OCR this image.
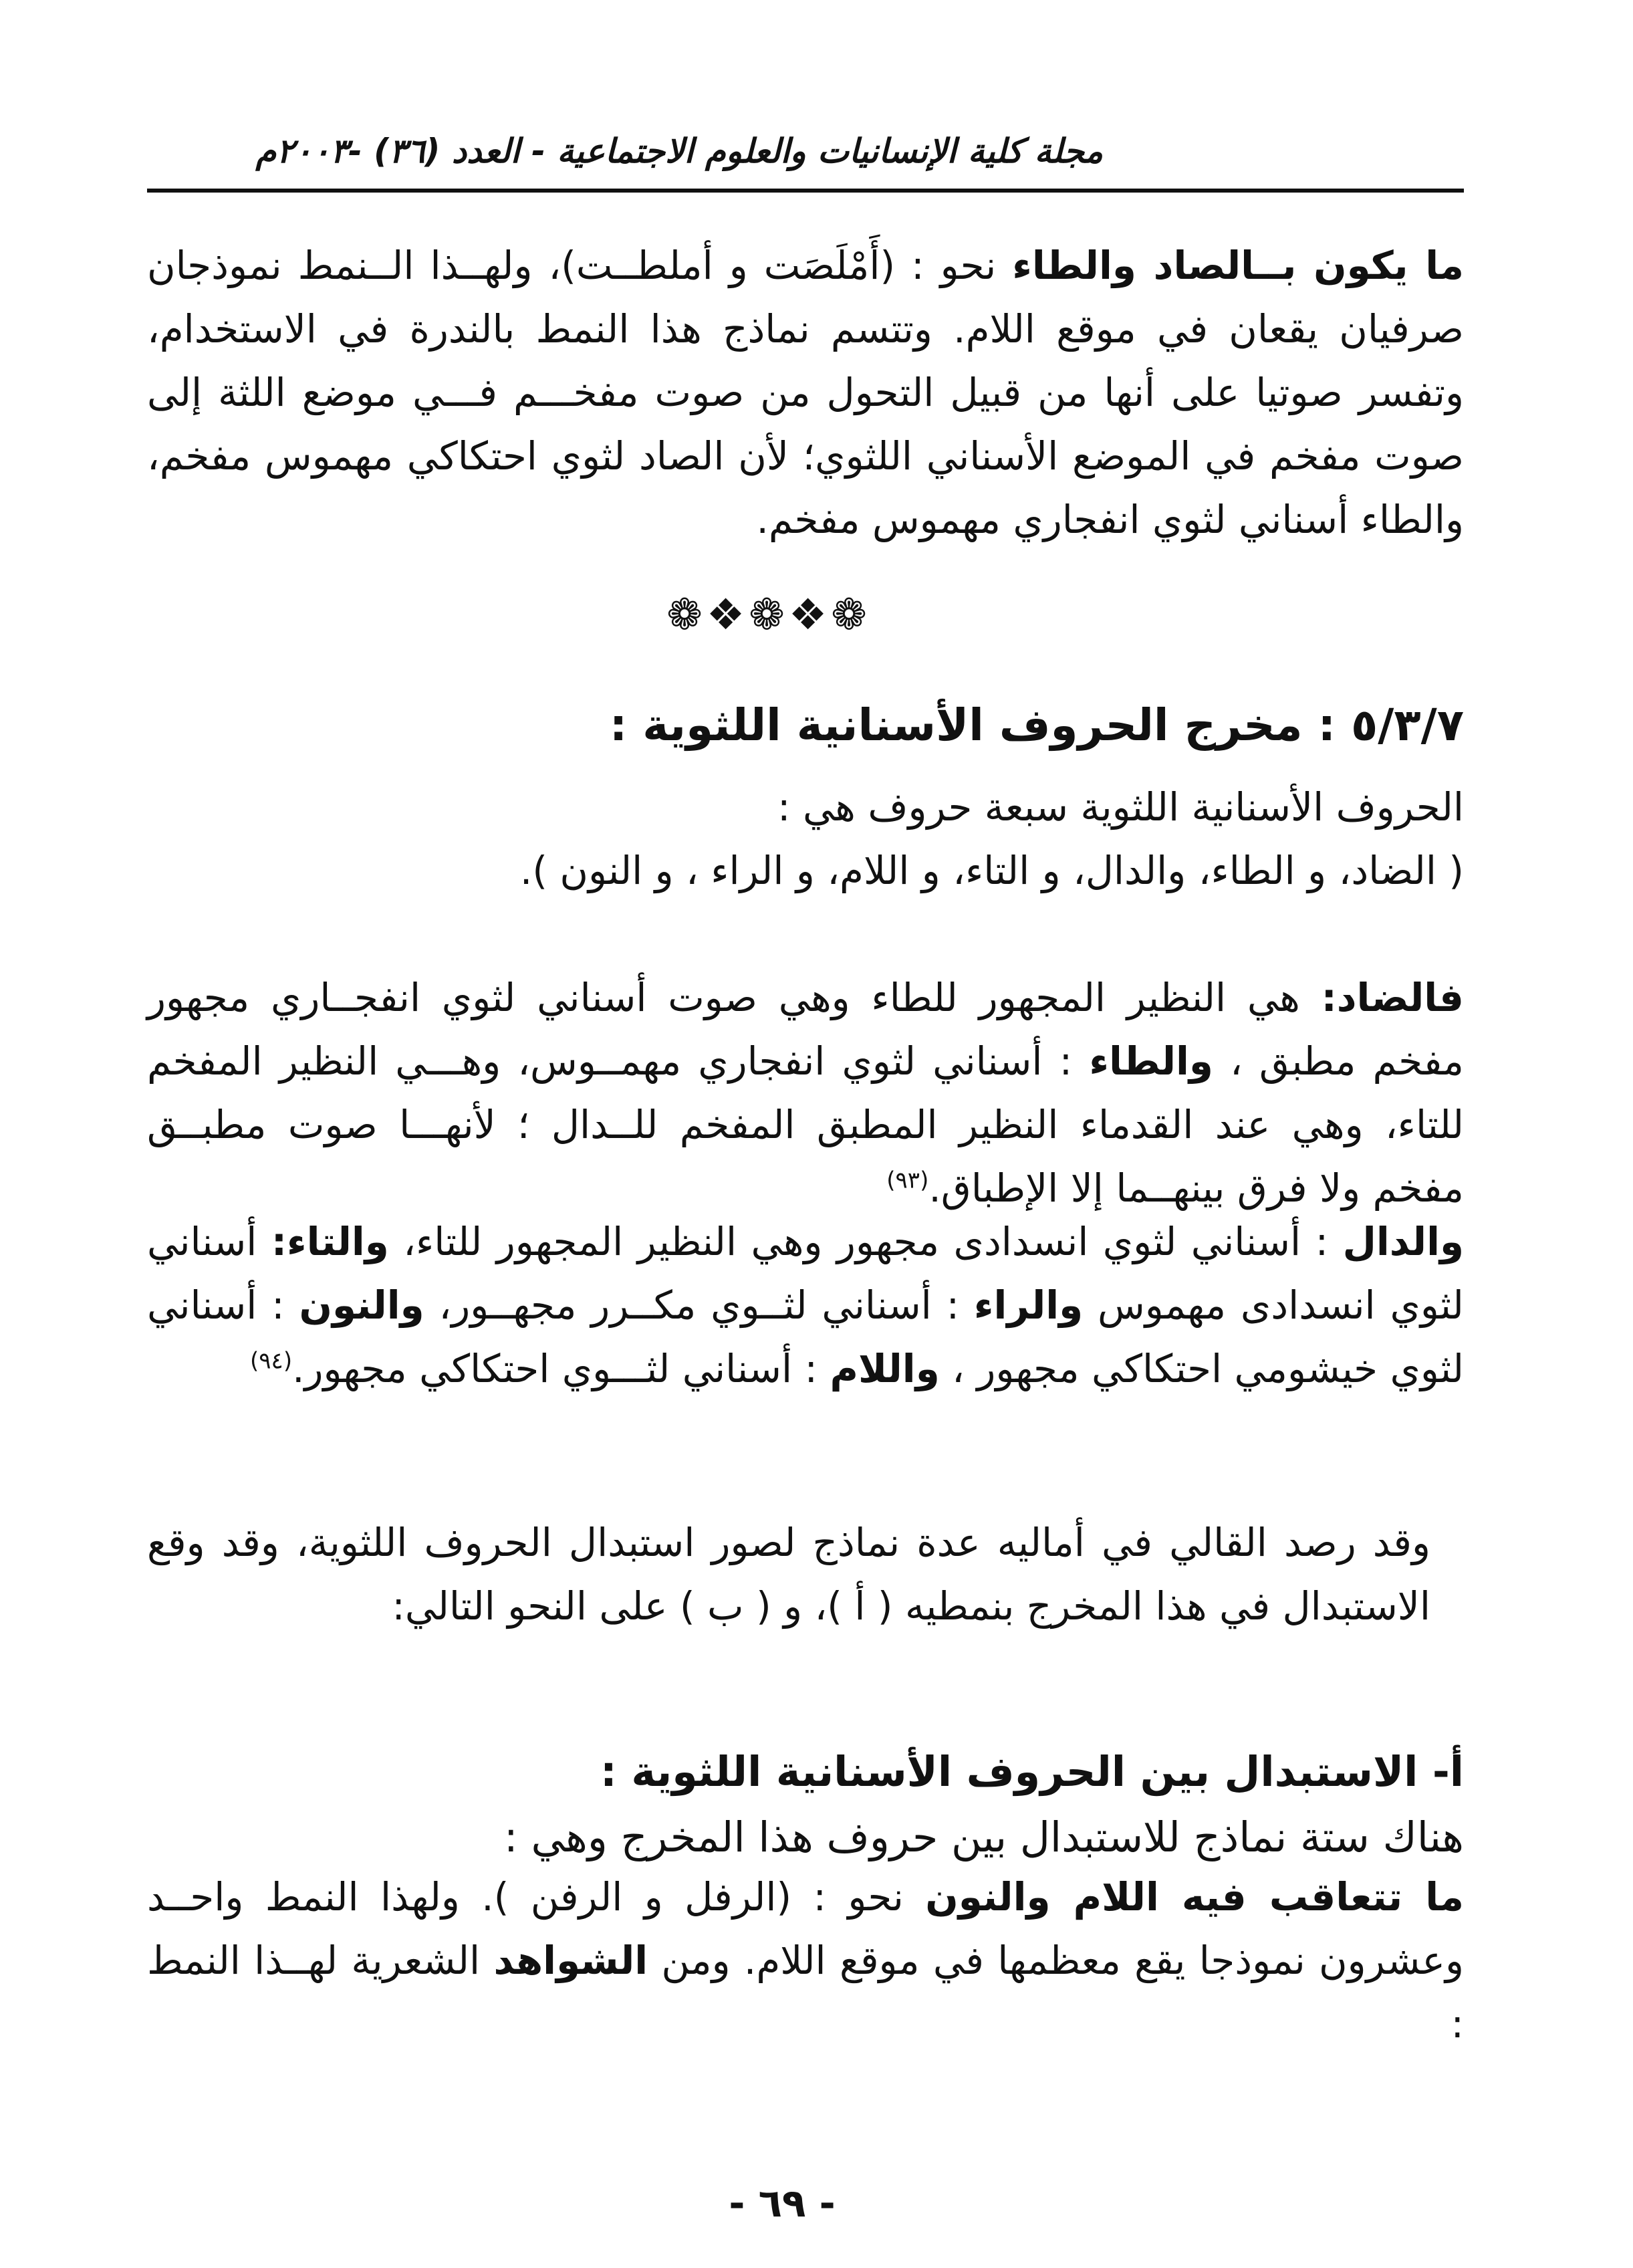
مجلة كلية الإنسانيات والعلوم الاجتماعية - العدد (٣٦) -٢٠٠٣م
ما يكون بــالصاد والطاء نحو : (أَمْلَصَت و أملطــت)، ولهــذا الــنمط نموذجان صرفيان يقعان في موقع اللام. وتتسم نماذج هذا النمط بالندرة في الاستخدام، وتفسر صوتيا على أنها من قبيل التحول من صوت مفخـــم فـــي موضع اللثة إلى صوت مفخم في الموضع الأسناني اللثوي؛ لأن الصاد لثوي احتكاكي مهموس مفخم، والطاء أسناني لثوي انفجاري مهموس مفخم.
❁❖❁❖❁
٥/٣/٧ : مخرج الحروف الأسنانية اللثوية :
الحروف الأسنانية اللثوية سبعة حروف هي :
( الضاد، و الطاء، والدال، و التاء، و اللام، و الراء ، و النون ).
فالضاد: هي النظير المجهور للطاء وهي صوت أسناني لثوي انفجــاري مجهور مفخم مطبق ، والطاء : أسناني لثوي انفجاري مهمــوس، وهـــي النظير المفخم للتاء، وهي عند القدماء النظير المطبق المفخم للــدال ؛ لأنهـــا صوت مطبــق مفخم ولا فرق بينهــما إلا الإطباق.$^{(٩٣)}$
والدال : أسناني لثوي انسدادى مجهور وهي النظير المجهور للتاء، والتاء: أسناني لثوي انسدادى مهموس والراء : أسناني لثــوي مكــرر مجهــور، والنون : أسناني لثوي خيشومي احتكاكي مجهور ، واللام : أسناني لثـــوي احتكاكي مجهور.$^{(٩٤)}$
وقد رصد القالي في أماليه عدة نماذج لصور استبدال الحروف اللثوية، وقد وقع الاستبدال في هذا المخرج بنمطيه ( أ )، و ( ب ) على النحو التالي:
أ- الاستبدال بين الحروف الأسنانية اللثوية :
هناك ستة نماذج للاستبدال بين حروف هذا المخرج وهي :
ما تتعاقب فيه اللام والنون نحو : (الرفل و الرفن ). ولهذا النمط واحــد وعشرون نموذجا يقع معظمها في موقع اللام. ومن الشواهد الشعرية لهــذا النمط :
- ٦٩ -
